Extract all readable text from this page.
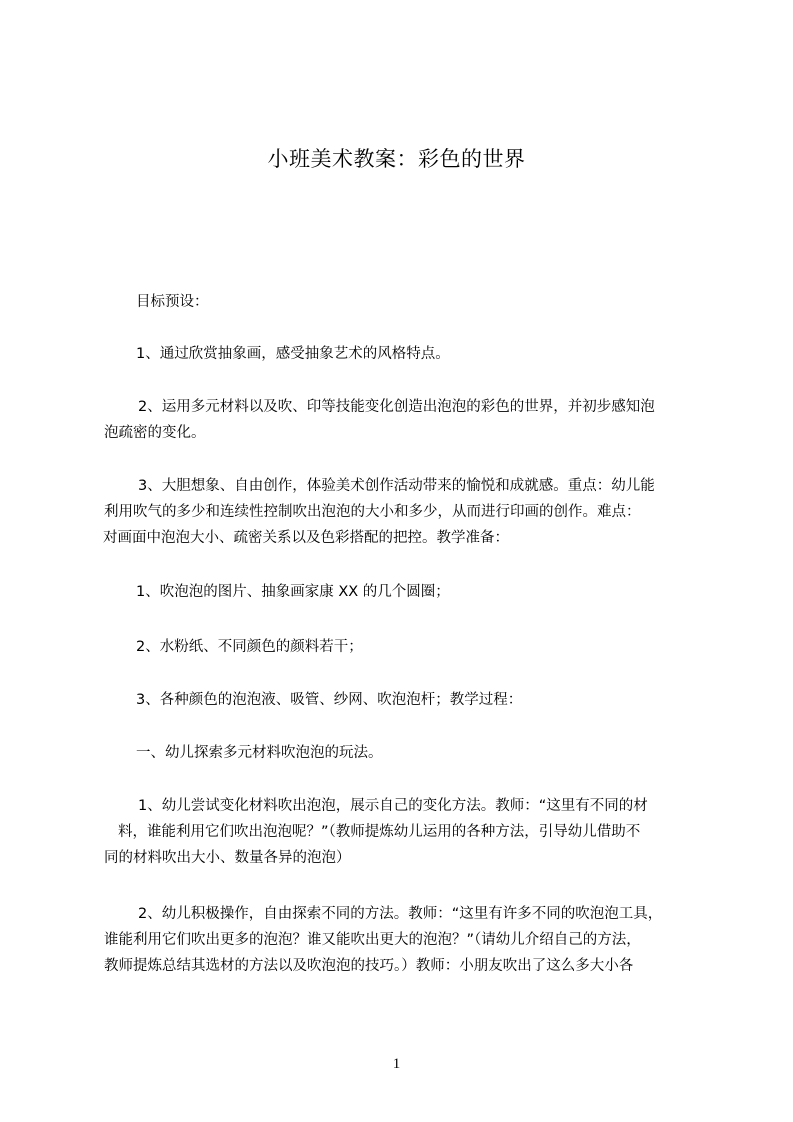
小班美术教案：彩色的世界
目标预设：
1、通过欣赏抽象画，感受抽象艺术的风格特点。
2、运用多元材料以及吹、印等技能变化创造出泡泡的彩色的世界，并初步感知泡
泡疏密的变化。
3、大胆想象、自由创作，体验美术创作活动带来的愉悦和成就感。重点：幼儿能
利用吹气的多少和连续性控制吹出泡泡的大小和多少，从而进行印画的创作。难点：
对画面中泡泡大小、疏密关系以及色彩搭配的把控。教学准备：
1、吹泡泡的图片、抽象画家康 XX 的几个圆圈；
2、水粉纸、不同颜色的颜料若干；
3、各种颜色的泡泡液、吸管、纱网、吹泡泡杆；教学过程：
一、幼儿探索多元材料吹泡泡的玩法。
1、幼儿尝试变化材料吹出泡泡，展示自己的变化方法。教师：“这里有不同的材
料，谁能利用它们吹出泡泡呢？”（教师提炼幼儿运用的各种方法，引导幼儿借助不
同的材料吹出大小、数量各异的泡泡）
2、幼儿积极操作，自由探索不同的方法。教师：“这里有许多不同的吹泡泡工具，
谁能利用它们吹出更多的泡泡？谁又能吹出更大的泡泡？”（请幼儿介绍自己的方法，
教师提炼总结其选材的方法以及吹泡泡的技巧。）教师：小朋友吹出了这么多大小各
1
